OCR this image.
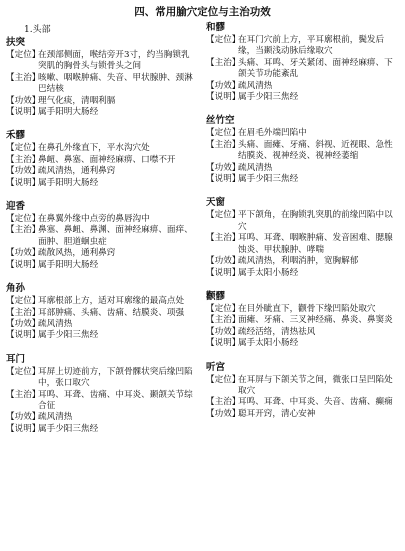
四、常用腧穴定位与主治功效
1.头部
扶突
【定位】
在颈部侧面，喉结旁开3寸，约当胸锁乳突肌的胸骨头与锁骨头之间
【主治】
咳嗽、咽喉肿痛、失音、甲状腺肿、颈淋巴结核
【功效】
理气化痰，清咽利膈
【说明】
属手阳明大肠经
禾髎
【定位】
在鼻孔外缘直下，平水沟穴处
【主治】
鼻衄、鼻塞、面神经麻痹、口噤不开
【功效】
疏风清热，通利鼻窍
【说明】
属手阳明大肠经
迎香
【定位】
在鼻翼外缘中点旁的鼻唇沟中
【主治】
鼻塞、鼻衄、鼻渊、面神经麻痹、面痒、面肿、胆道蛔虫症
【功效】
疏散风热，通利鼻窍
【说明】
属手阳明大肠经
角孙
【定位】
耳廓根部上方，适对耳廓缘的最高点处
【主治】
耳部肿痛、头痛、齿痛、结膜炎、项强
【功效】
疏风清热
【说明】
属手少阳三焦经
耳门
【定位】
耳屏上切迹前方，下颌骨髁状突后缘凹陷中，张口取穴
【主治】
耳鸣、耳聋、齿痛、中耳炎、颞颌关节综合征
【功效】
疏风清热
【说明】
属手少阳三焦经
和髎
【定位】
在耳门穴前上方，平耳廓根前，鬓发后缘，当颞浅动脉后缘取穴
【主治】
头痛、耳鸣、牙关紧闭、面神经麻痹、下颌关节功能紊乱
【功效】
疏风清热
【说明】
属手少阳三焦经
丝竹空
【定位】
在眉毛外端凹陷中
【主治】
头痛、面瘫、牙痛、斜视、近视眼、急性结膜炎、视神经炎、视神经萎缩
【功效】
疏风清热
【说明】
属手少阳三焦经
天窗
【定位】
平下颌角，在胸锁乳突肌的前缘凹陷中以穴
【主治】
耳鸣、耳聋、咽喉肿痛、发音困难、腮腺蚀炎、甲状腺肿、哮喘
【功效】
疏风清热，利咽消肿，宽胸解郁
【说明】
属手太阳小肠经
颧髎
【定位】
在目外眦直下，颧骨下缘凹陷处取穴
【主治】
面瘫、牙痛、三叉神经痛、鼻炎、鼻窦炎
【功效】
疏经活络，清热祛风
【说明】
属手太阳小肠经
听宫
【定位】
在耳屏与下颌关节之间，微张口呈凹陷处取穴
【主治】
耳鸣、耳聋、中耳炎、失音、齿痛、癫痫
【功效】
聪耳开窍，清心安神
